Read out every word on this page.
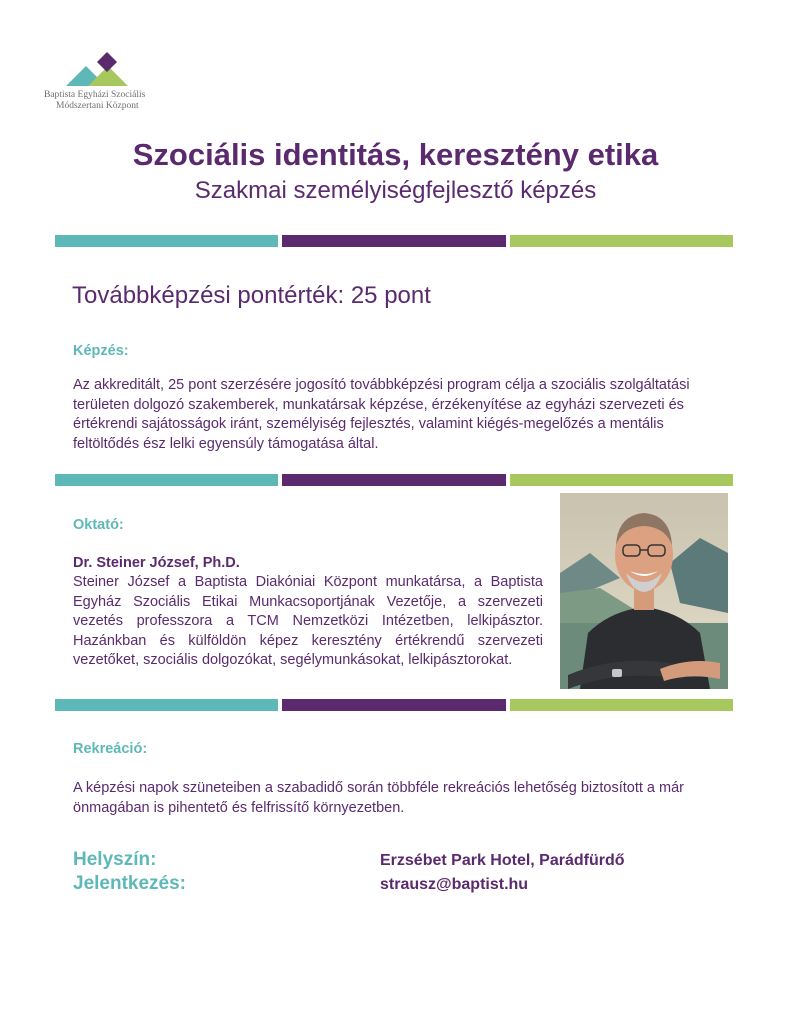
Baptista Egyházi Szociális
Módszertani Központ
Szociális identitás, keresztény etika
Szakmai személyiségfejlesztő képzés
Továbbképzési pontérték: 25 pont
Képzés:
Az akkreditált, 25 pont szerzésére jogosító továbbképzési program célja a szociális szolgáltatási területen dolgozó szakemberek, munkatársak képzése, érzékenyítése az egyházi szervezeti és értékrendi sajátosságok iránt, személyiség fejlesztés, valamint kiégés-megelőzés a mentális feltöltődés ész lelki egyensúly támogatása által.
Oktató:
Dr. Steiner József, Ph.D.
Steiner József a Baptista Diakóniai Központ munkatársa, a Baptista Egyház Szociális Etikai Munkacsoportjának Vezetője, a szervezeti vezetés professzora a TCM Nemzetközi Intézetben, lelkipásztor. Hazánkban és külföldön képez keresztény értékrendű szervezeti vezetőket, szociális dolgozókat, segélymunkásokat, lelkipásztorokat.
Rekreáció:
A képzési napok szüneteiben a szabadidő során többféle rekreációs lehetőség biztosított a már önmagában is pihentető és felfrissítő környezetben.
Helyszín:	Erzsébet Park Hotel, Parádfürdő
Jelentkezés:	strausz@baptist.hu
